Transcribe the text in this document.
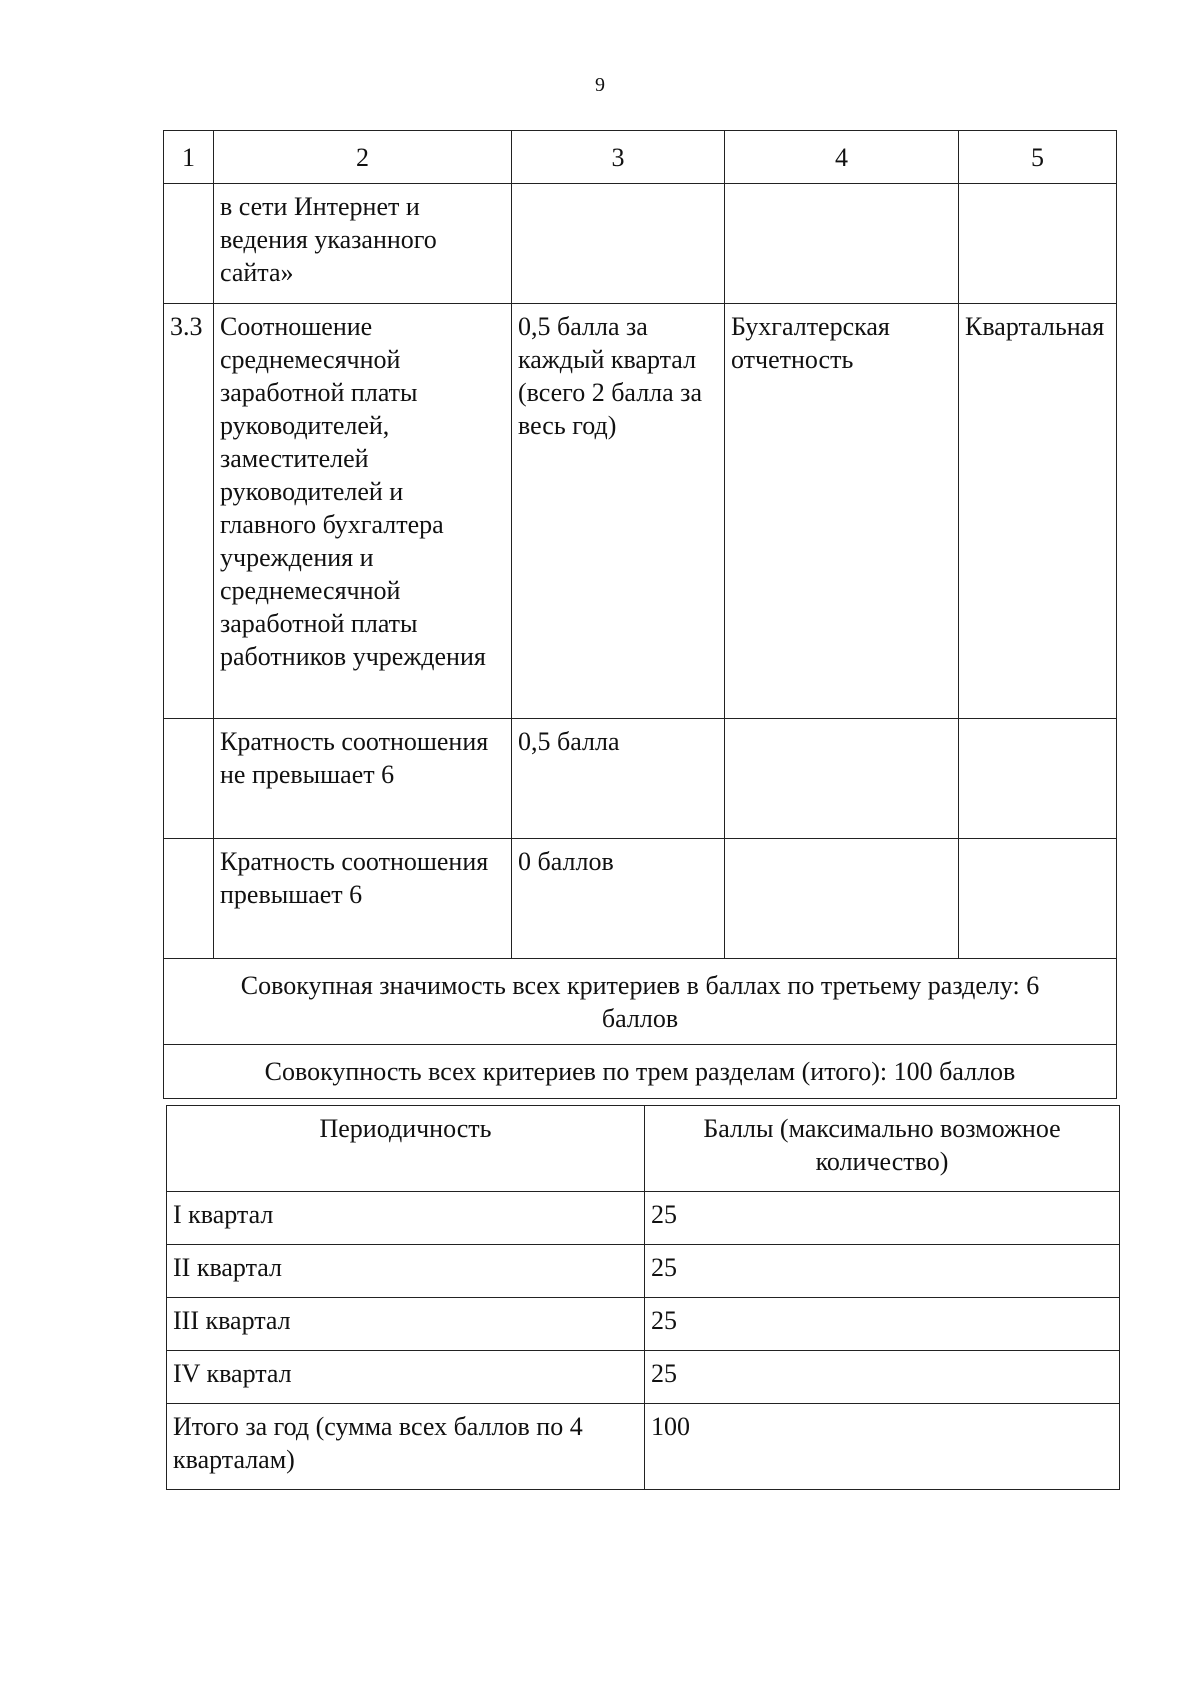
9
1	2	3	4	5
	в сети Интернет и ведения указанного сайта»			
3.3	Соотношение среднемесячной заработной платы руководителей, заместителей руководителей и главного бухгалтера учреждения и среднемесячной заработной платы работников учреждения	0,5 балла за каждый квартал (всего 2 балла за весь год)	Бухгалтерская отчетность	Квартальная
	Кратность соотношения не превышает 6	0,5 балла		
	Кратность соотношения превышает 6	0 баллов		
Совокупная значимость всех критериев в баллах по третьему разделу: 6 баллов				
Совокупность всех критериев по трем разделам (итого): 100 баллов				
Периодичность	Баллы (максимально возможное количество)
I квартал	25
II квартал	25
III квартал	25
IV квартал	25
Итого за год (сумма всех баллов по 4 кварталам)	100
